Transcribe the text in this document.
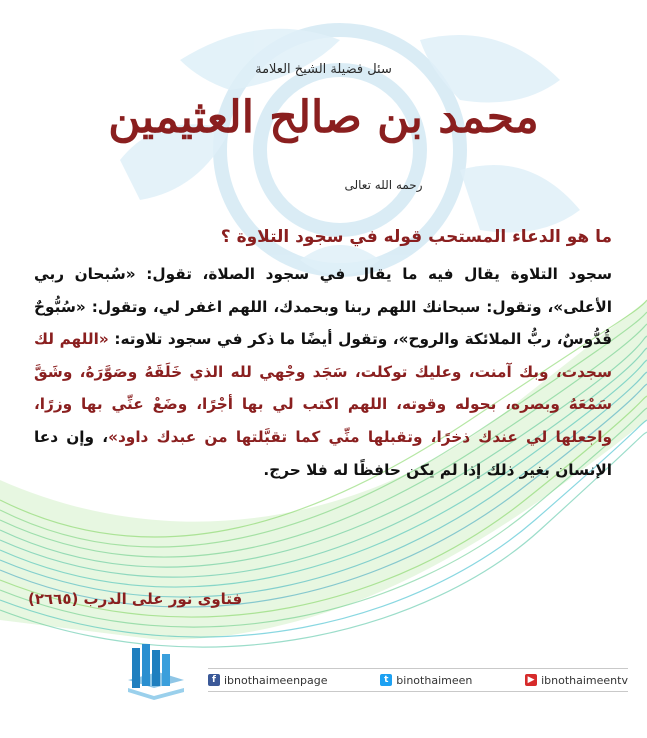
سئل فضيلة الشيخ العلامة
محمد بن صالح العثيمين
رحمه الله تعالى

ما هو الدعاء المستحب قوله في سجود التلاوة ؟

سجود التلاوة يقال فيه ما يقال في سجود الصلاة، تقول: «سُبحان ربي الأعلى»، وتقول: سبحانك اللهم ربنا وبحمدك، اللهم اغفر لي، وتقول: «سُبُّوحٌ قُدُّوسٌ، ربُّ الملائكة والروح»، وتقول أيضًا ما ذكر في سجود تلاوته: «اللهم لك سجدت، وبك آمنت، وعليك توكلت، سَجَد وجْهي لله الذي خَلَقَهُ وصَوَّرَهُ، وشَقَّ سَمْعَهُ وبصره، بحوله وقوته، اللهم اكتب لي بها أجْرًا، وضَعْ عنِّي بها وزرًا، واجعلها لي عندك ذخرًا، وتقبلها منِّي كما تقبَّلتها من عبدك داود»، وإن دعا الإنسان بغير ذلك إذا لم يكن حافظًا له فلا حرج.

فتاوى نور على الدرب (٢٦٦٥)
f ibnothaimeenpage	t binothaimeen	▶ ibnothaimeentv
